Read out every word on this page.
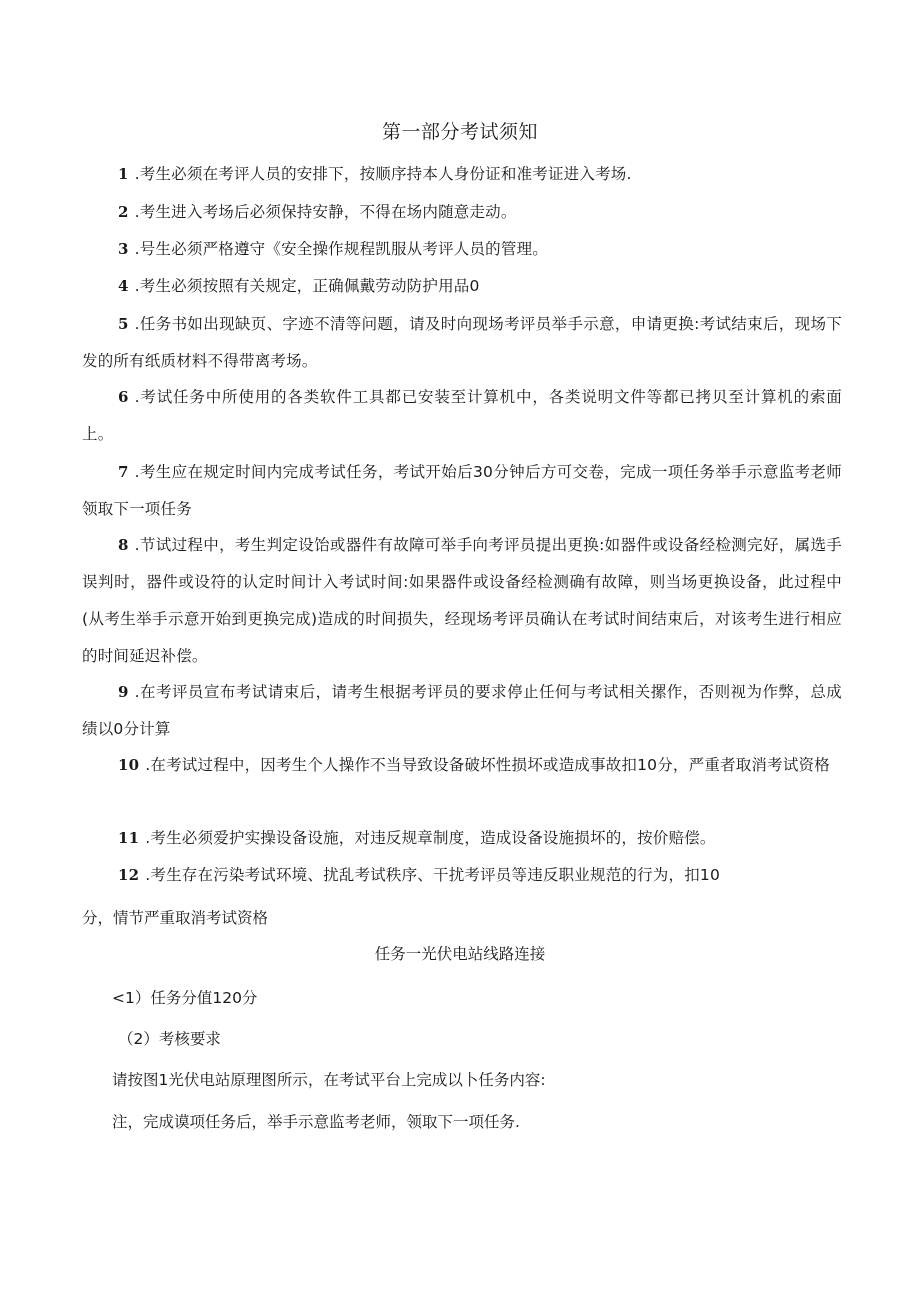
第一部分考试须知
1 .考生必须在考评人员的安排下，按顺序持本人身份证和准考证进入考场.
2 .考生进入考场后必须保持安静，不得在场内随意走动。
3 .号生必须严格遵守《安全操作规程凯服从考评人员的管理。
4 .考生必须按照有关规定，正确佩戴劳动防护用品0
5 .任务书如出现缺页、字迹不清等问题，请及时向现场考评员举手示意，申请更换:考试结束后，现场下发的所有纸质材料不得带离考场。
6 .考试任务中所使用的各类软件工具都已安装至计算机中，各类说明文件等都已拷贝至计算机的索面上。
7 .考生应在规定时间内完成考试任务，考试开始后30分钟后方可交卷，完成一项任务举手示意监考老师领取下一项任务
8 .节试过程中，考生判定设饴或器件有故障可举手向考评员提出更换:如器件或设备经检测完好，属选手误判时，器件或设符的认定时间计入考试时间:如果器件或设备经检测确有故障，则当场更换设备，此过程中(从考生举手示意开始到更换完成)造成的时间损失，经现场考评员确认在考试时间结束后，对该考生进行相应的时间延迟补偿。
9 .在考评员宣布考试请束后，请考生根据考评员的要求停止任何与考试相关摞作，否则视为作弊，总成绩以0分计算
10 .在考试过程中，因考生个人操作不当导致设备破坏性损坏或造成事故扣10分，严重者取消考试资格
11 .考生必须爱护实操设备设施，对违反规章制度，造成设备设施损坏的，按价赔偿。
12 .考生存在污染考试环境、扰乱考试秩序、干扰考评员等违反职业规范的行为，扣10
分，情节严重取消考试资格
任务一光伏电站线路连接
<1）任务分值120分
（2）考核要求
请按图1光伏电站原理图所示，在考试平台上完成以卜任务内容:
注，完成谟项任务后，举手示意监考老师，领取下一项任务.
